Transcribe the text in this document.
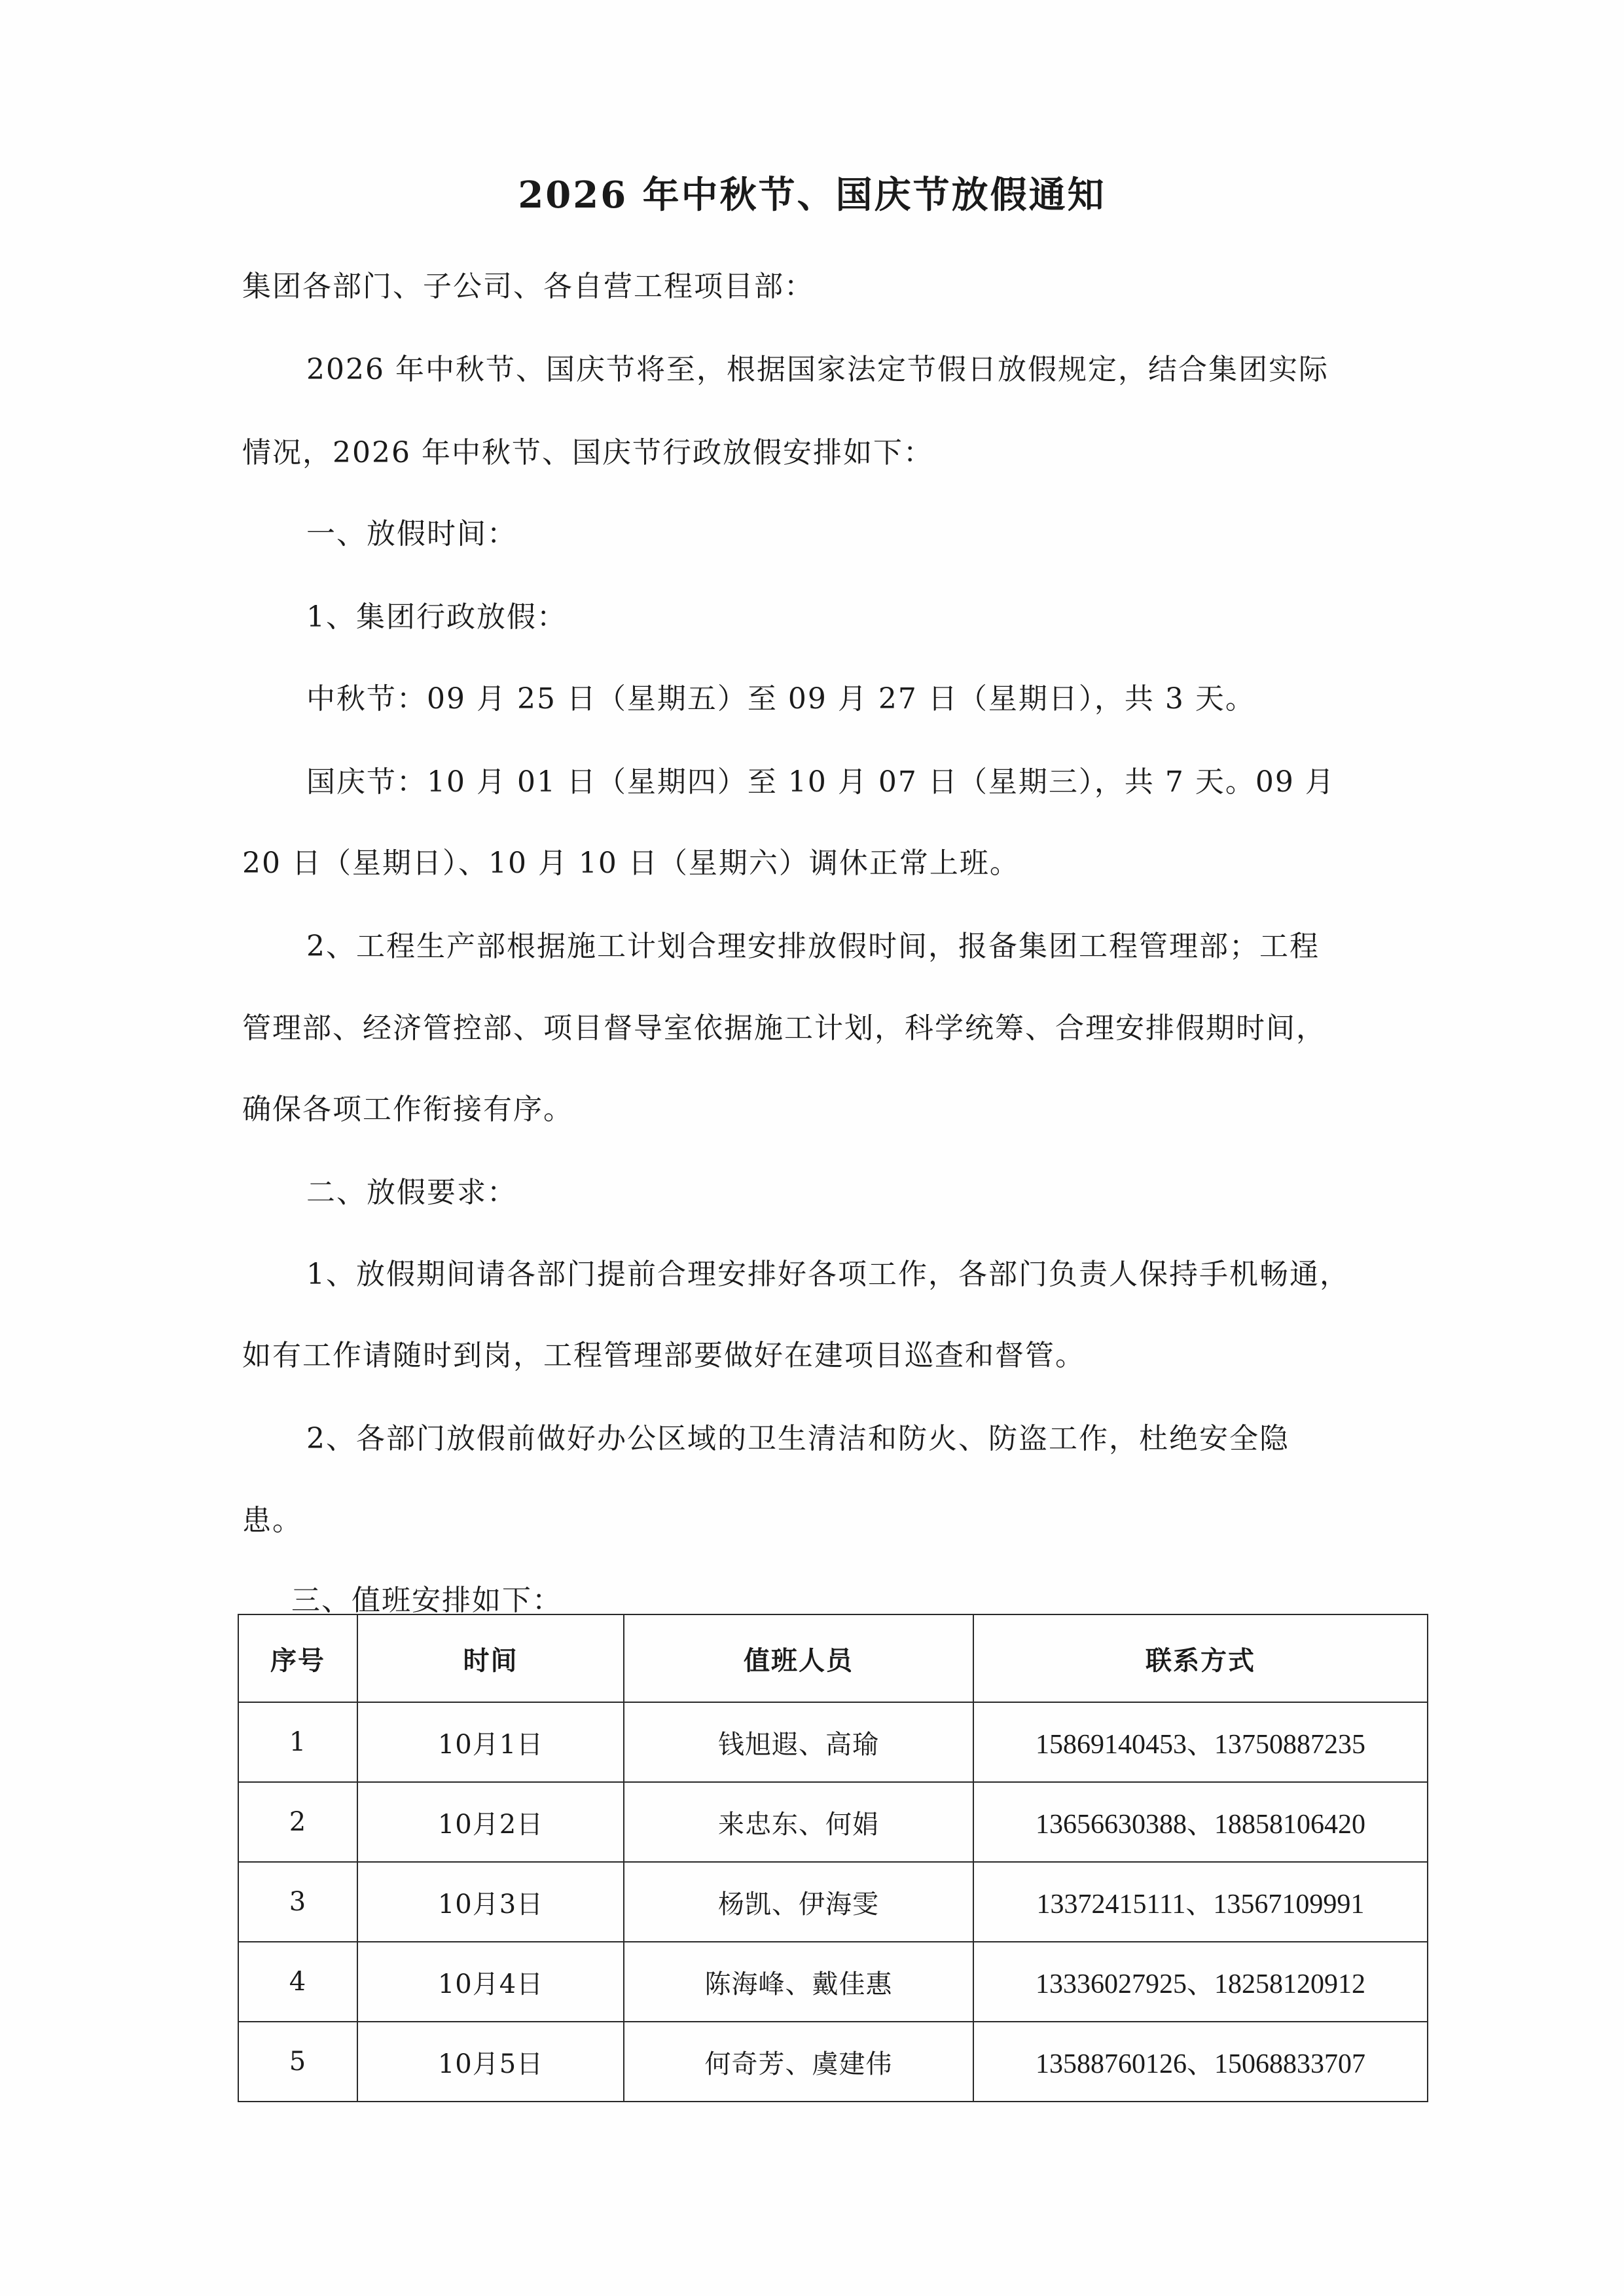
2026 年中秋节、国庆节放假通知
集团各部门、子公司、各自营工程项目部：
2026 年中秋节、国庆节将至，根据国家法定节假日放假规定，结合集团实际
情况，2026 年中秋节、国庆节行政放假安排如下：
一、放假时间：
1、集团行政放假：
中秋节：09 月 25 日（星期五）至 09 月 27 日（星期日），共 3 天。
国庆节：10 月 01 日（星期四）至 10 月 07 日（星期三），共 7 天。09 月
20 日（星期日）、10 月 10 日（星期六）调休正常上班。
2、工程生产部根据施工计划合理安排放假时间，报备集团工程管理部；工程
管理部、经济管控部、项目督导室依据施工计划，科学统筹、合理安排假期时间，
确保各项工作衔接有序。
二、放假要求：
1、放假期间请各部门提前合理安排好各项工作，各部门负责人保持手机畅通，
如有工作请随时到岗，工程管理部要做好在建项目巡查和督管。
2、各部门放假前做好办公区域的卫生清洁和防火、防盗工作，杜绝安全隐
患。
三、值班安排如下：
序号	时间	值班人员	联系方式
1	10月1日	钱旭遐、高瑜	15869140453、13750887235
2	10月2日	来忠东、何娟	13656630388、18858106420
3	10月3日	杨凯、伊海雯	13372415111、13567109991
4	10月4日	陈海峰、戴佳惠	13336027925、18258120912
5	10月5日	何奇芳、虞建伟	13588760126、15068833707
